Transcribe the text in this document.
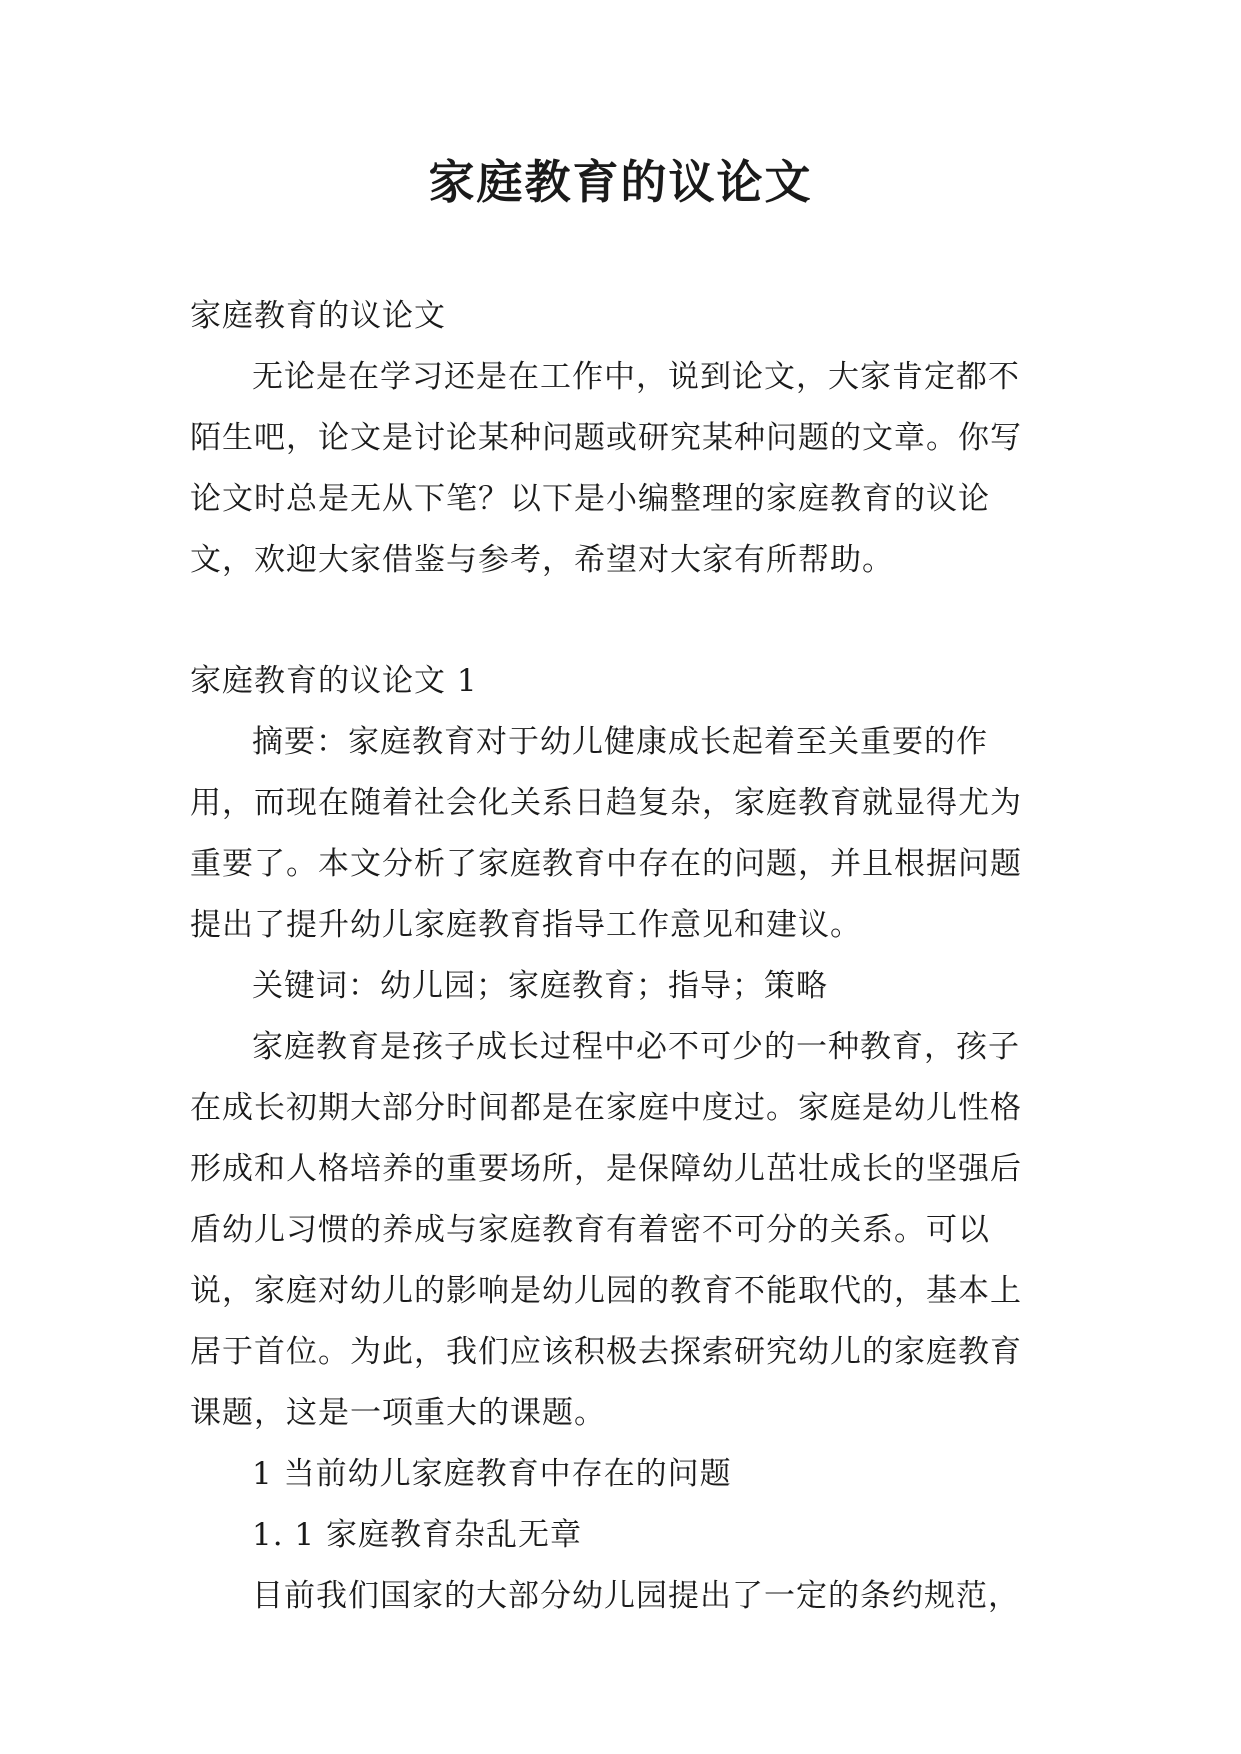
家庭教育的议论文

家庭教育的议论文

无论是在学习还是在工作中，说到论文，大家肯定都不陌生吧，论文是讨论某种问题或研究某种问题的文章。你写论文时总是无从下笔？以下是小编整理的家庭教育的议论文，欢迎大家借鉴与参考，希望对大家有所帮助。

家庭教育的议论文 1

摘要：家庭教育对于幼儿健康成长起着至关重要的作用，而现在随着社会化关系日趋复杂，家庭教育就显得尤为重要了。本文分析了家庭教育中存在的问题，并且根据问题提出了提升幼儿家庭教育指导工作意见和建议。

关键词：幼儿园；家庭教育；指导；策略

家庭教育是孩子成长过程中必不可少的一种教育，孩子在成长初期大部分时间都是在家庭中度过。家庭是幼儿性格形成和人格培养的重要场所，是保障幼儿茁壮成长的坚强后盾幼儿习惯的养成与家庭教育有着密不可分的关系。可以说，家庭对幼儿的影响是幼儿园的教育不能取代的，基本上居于首位。为此，我们应该积极去探索研究幼儿的家庭教育课题，这是一项重大的课题。

1 当前幼儿家庭教育中存在的问题

1. 1 家庭教育杂乱无章

目前我们国家的大部分幼儿园提出了一定的条约规范，
